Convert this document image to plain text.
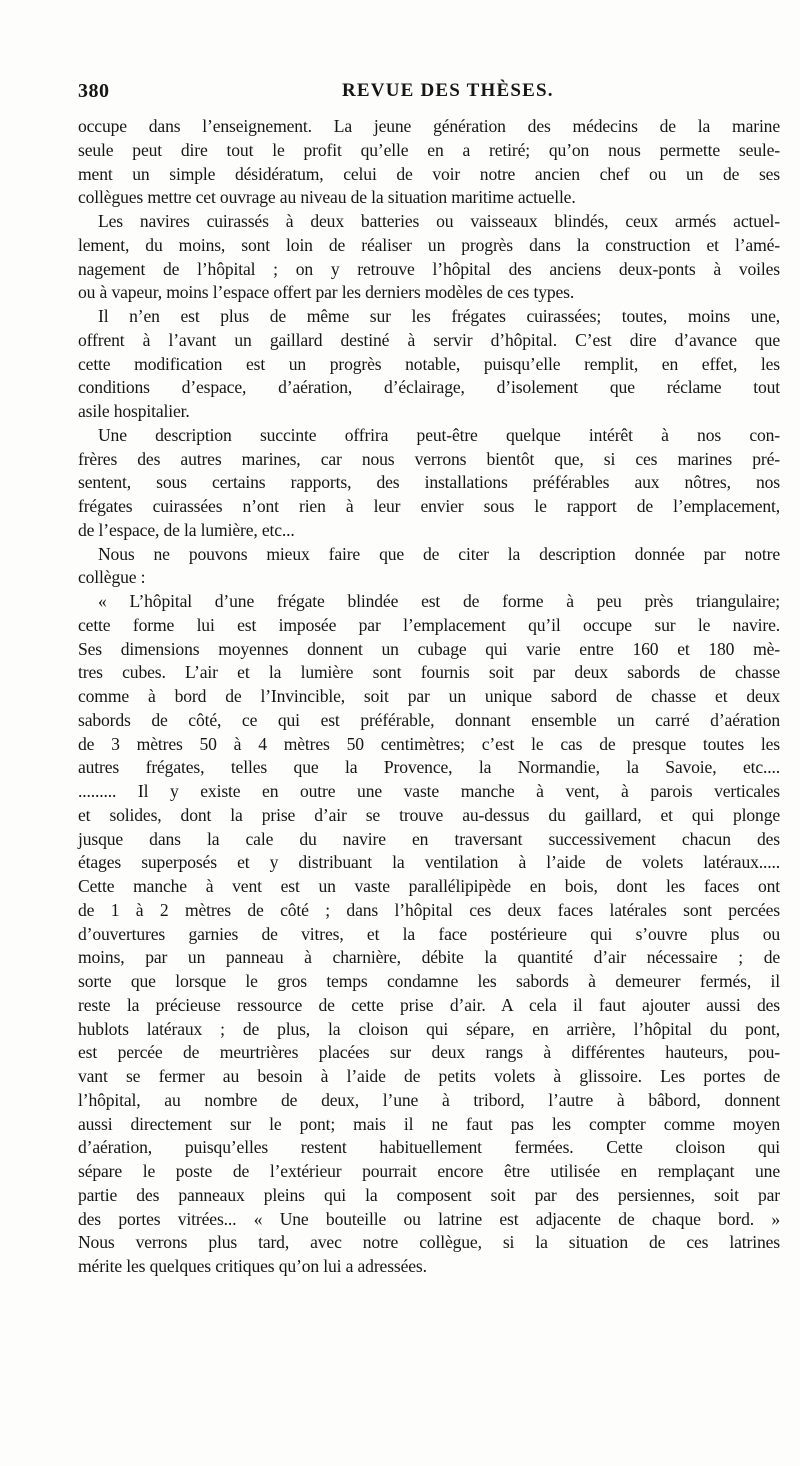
380	REVUE DES THÈSES.
occupe dans l’enseignement. La jeune génération des médecins de la marine
seule peut dire tout le profit qu’elle en a retiré; qu’on nous permette seule-
ment un simple désidératum, celui de voir notre ancien chef ou un de ses
collègues mettre cet ouvrage au niveau de la situation maritime actuelle.
Les navires cuirassés à deux batteries ou vaisseaux blindés, ceux armés actuel-
lement, du moins, sont loin de réaliser un progrès dans la construction et l’amé-
nagement de l’hôpital ; on y retrouve l’hôpital des anciens deux-ponts à voiles
ou à vapeur, moins l’espace offert par les derniers modèles de ces types.
Il n’en est plus de même sur les frégates cuirassées; toutes, moins une,
offrent à l’avant un gaillard destiné à servir d’hôpital. C’est dire d’avance que
cette modification est un progrès notable, puisqu’elle remplit, en effet, les
conditions d’espace, d’aération, d’éclairage, d’isolement que réclame tout
asile hospitalier.
Une description succinte offrira peut-être quelque intérêt à nos con-
frères des autres marines, car nous verrons bientôt que, si ces marines pré-
sentent, sous certains rapports, des installations préférables aux nôtres, nos
frégates cuirassées n’ont rien à leur envier sous le rapport de l’emplacement,
de l’espace, de la lumière, etc...
Nous ne pouvons mieux faire que de citer la description donnée par notre
collègue :
« L’hôpital d’une frégate blindée est de forme à peu près triangulaire;
cette forme lui est imposée par l’emplacement qu’il occupe sur le navire.
Ses dimensions moyennes donnent un cubage qui varie entre 160 et 180 mè-
tres cubes. L’air et la lumière sont fournis soit par deux sabords de chasse
comme à bord de l’Invincible, soit par un unique sabord de chasse et deux
sabords de côté, ce qui est préférable, donnant ensemble un carré d’aération
de 3 mètres 50 à 4 mètres 50 centimètres; c’est le cas de presque toutes les
autres frégates, telles que la Provence, la Normandie, la Savoie, etc....
......... Il y existe en outre une vaste manche à vent, à parois verticales
et solides, dont la prise d’air se trouve au-dessus du gaillard, et qui plonge
jusque dans la cale du navire en traversant successivement chacun des
étages superposés et y distribuant la ventilation à l’aide de volets latéraux.....
Cette manche à vent est un vaste parallélipipède en bois, dont les faces ont
de 1 à 2 mètres de côté ; dans l’hôpital ces deux faces latérales sont percées
d’ouvertures garnies de vitres, et la face postérieure qui s’ouvre plus ou
moins, par un panneau à charnière, débite la quantité d’air nécessaire ; de
sorte que lorsque le gros temps condamne les sabords à demeurer fermés, il
reste la précieuse ressource de cette prise d’air. A cela il faut ajouter aussi des
hublots latéraux ; de plus, la cloison qui sépare, en arrière, l’hôpital du pont,
est percée de meurtrières placées sur deux rangs à différentes hauteurs, pou-
vant se fermer au besoin à l’aide de petits volets à glissoire. Les portes de
l’hôpital, au nombre de deux, l’une à tribord, l’autre à bâbord, donnent
aussi directement sur le pont; mais il ne faut pas les compter comme moyen
d’aération, puisqu’elles restent habituellement fermées. Cette cloison qui
sépare le poste de l’extérieur pourrait encore être utilisée en remplaçant une
partie des panneaux pleins qui la composent soit par des persiennes, soit par
des portes vitrées... « Une bouteille ou latrine est adjacente de chaque bord. »
Nous verrons plus tard, avec notre collègue, si la situation de ces latrines
mérite les quelques critiques qu’on lui a adressées.
